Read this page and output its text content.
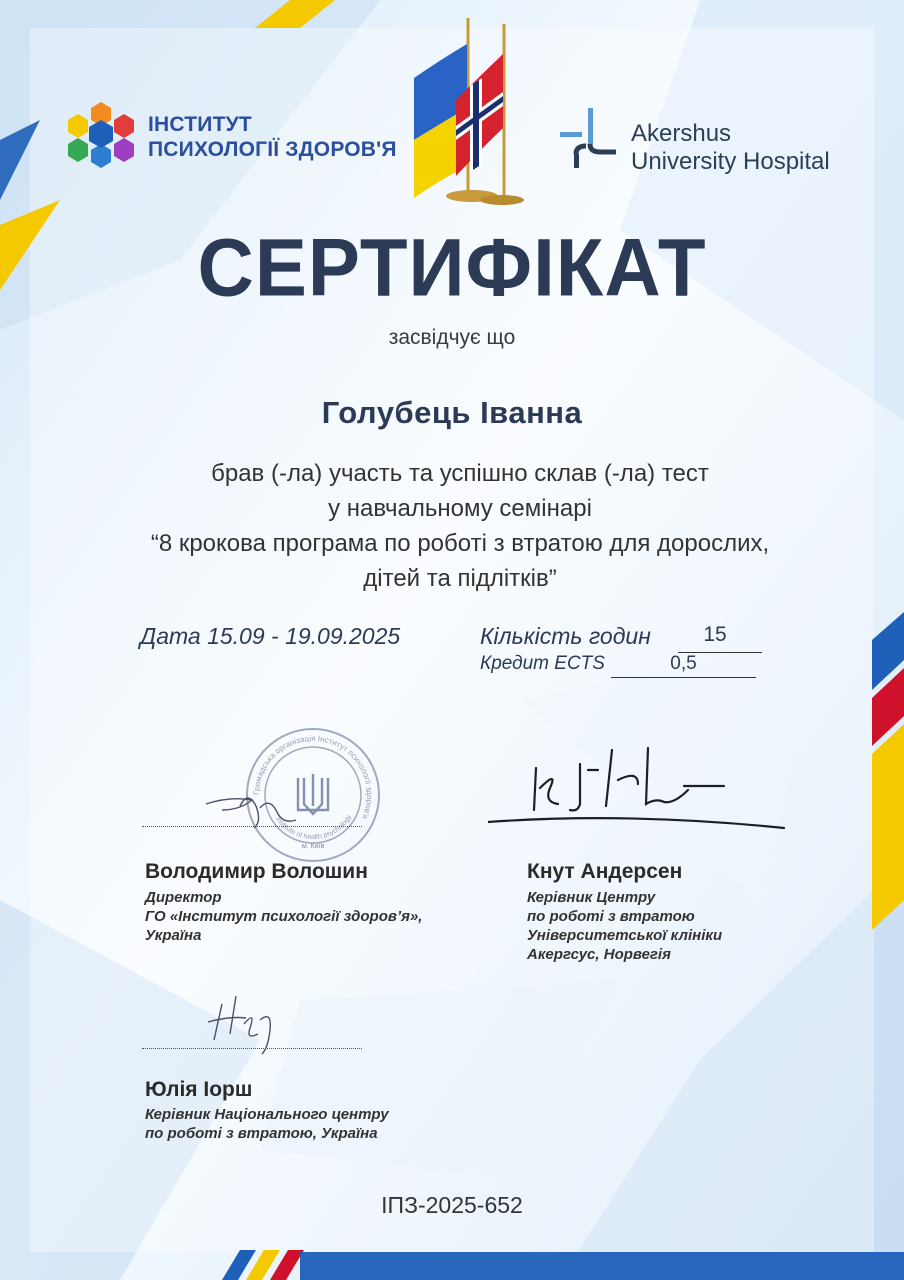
ІНСТИТУТ
ПСИХОЛОГІЇ ЗДОРОВ'Я
Akershus
University Hospital
СЕРТИФІКАТ
засвідчує що
Голубець Іванна
брав (-ла) участь та успішно склав (-ла) тест
у навчальному семінарі
“8 крокова програма по роботі з втратою для дорослих,
дітей та підлітків”
Дата 15.09 - 19.09.2025	Кількість годин	15
Кредит ECTS	0,5
Громадська організація Інститут психології здоров'я
Institute of health psychology
м. Київ
Володимир Волошин
Директор
ГО «Інститут психології здоров’я»,
Україна
Кнут Андерсен
Керівник Центру
по роботі з втратою
Університетської клініки
Акергсус, Норвегія
Юлія Іорш
Керівник Національного центру
по роботі з втратою, Україна
ІПЗ-2025-652
